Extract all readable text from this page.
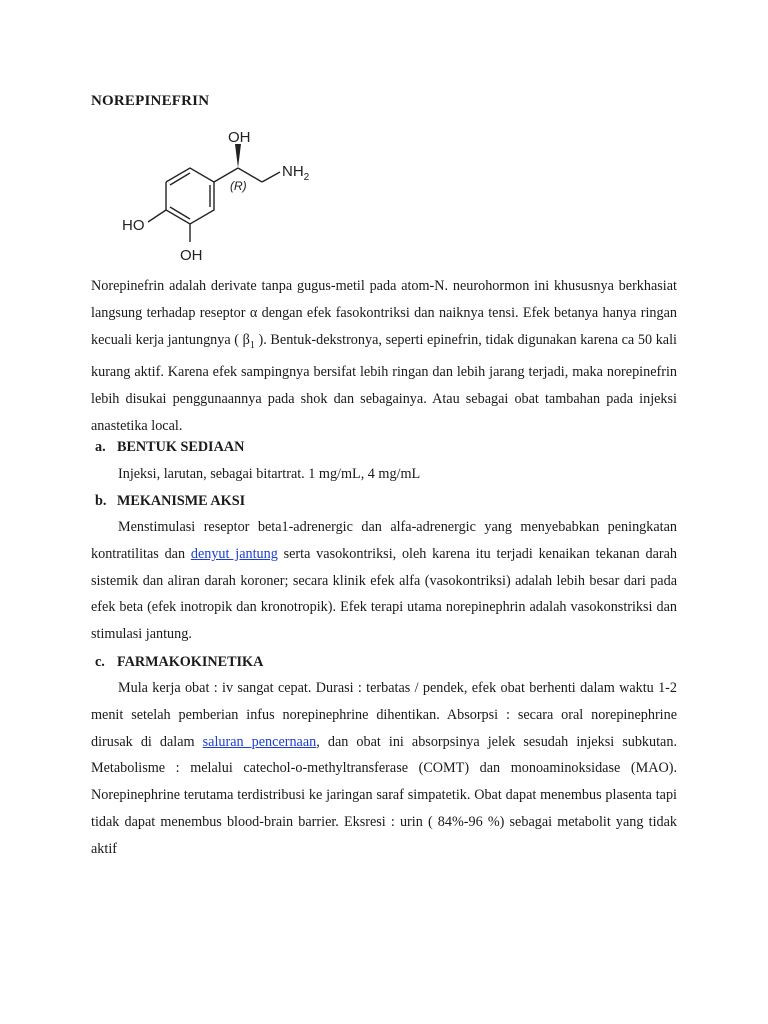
NOREPINEFRIN
OH
$NH_2$
(R)
HO
OH
Norepinefrin adalah derivate tanpa gugus-metil pada atom-N. neurohormon ini khususnya berkhasiat langsung terhadap reseptor α dengan efek fasokontriksi dan naiknya tensi. Efek betanya hanya ringan kecuali kerja jantungnya ( $\beta_1$ ). Bentuk-dekstronya, seperti epinefrin, tidak digunakan karena ca 50 kali kurang aktif. Karena efek sampingnya bersifat lebih ringan dan lebih jarang terjadi, maka norepinefrin lebih disukai penggunaannya pada shok dan sebagainya. Atau sebagai obat tambahan pada injeksi anastetika local.
a. BENTUK SEDIAAN
Injeksi, larutan, sebagai bitartrat. 1 mg/mL, 4 mg/mL
b. MEKANISME AKSI
Menstimulasi reseptor beta1-adrenergic dan alfa-adrenergic yang menyebabkan peningkatan kontratilitas dan denyut jantung serta vasokontriksi, oleh karena itu terjadi kenaikan tekanan darah sistemik dan aliran darah koroner; secara klinik efek alfa (vasokontriksi) adalah lebih besar dari pada efek beta (efek inotropik dan kronotropik). Efek terapi utama norepinephrin adalah vasokonstriksi dan stimulasi jantung.
c. FARMAKOKINETIKA
Mula kerja obat : iv sangat cepat. Durasi : terbatas / pendek, efek obat berhenti dalam waktu 1-2 menit setelah pemberian infus norepinephrine dihentikan. Absorpsi : secara oral norepinephrine dirusak di dalam saluran pencernaan, dan obat ini absorpsinya jelek sesudah injeksi subkutan. Metabolisme : melalui catechol-o-methyltransferase (COMT) dan monoaminoksidase (MAO). Norepinephrine terutama terdistribusi ke jaringan saraf simpatetik. Obat dapat menembus plasenta tapi tidak dapat menembus blood-brain barrier. Eksresi : urin ( 84%-96 %) sebagai metabolit yang tidak aktif
